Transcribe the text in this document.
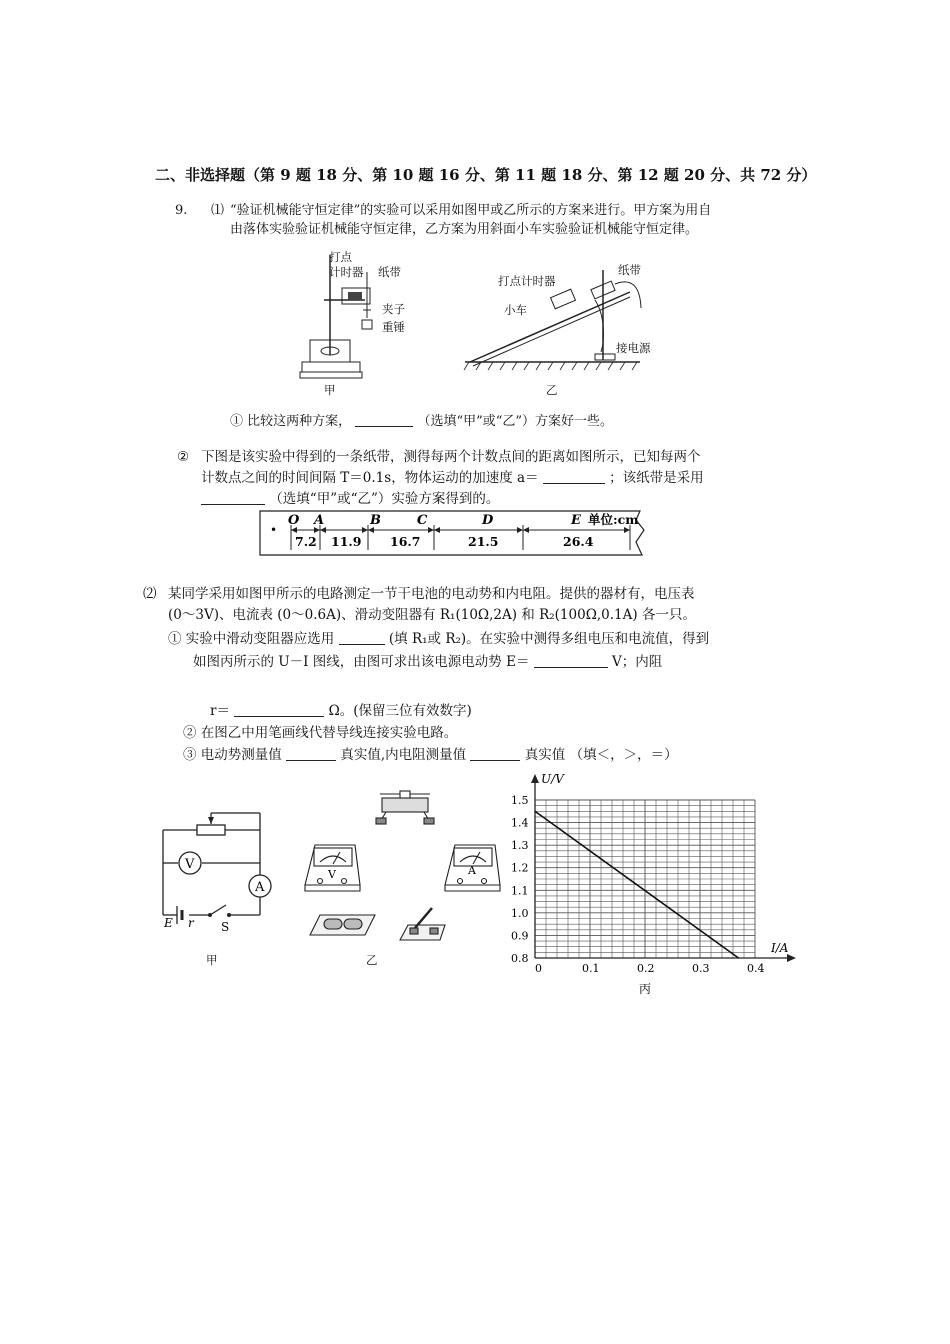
二、非选择题（第 9 题 18 分、第 10 题 16 分、第 11 题 18 分、第 12 题 20 分、共 72 分）
9. ⑴ “验证机械能守恒定律”的实验可以采用如图甲或乙所示的方案来进行。甲方案为用自
由落体实验验证机械能守恒定律，乙方案为用斜面小车实验验证机械能守恒定律。
打点
计时器 纸带
夹子
重锤
甲
打点计时器
纸带
小车
接电源
乙
① 比较这两种方案，	（选填“甲”或“乙”）方案好一些。
② 下图是该实验中得到的一条纸带，测得每两个计数点间的距离如图所示，已知每两个
计数点之间的时间间隔 T＝0.1s，物体运动的加速度 a＝	；该纸带是采用
（选填“甲”或“乙”）实验方案得到的。
•
O A	B	C	D	E 单位:cm
7.2 11.9 16.7	21.5	26.4
⑵ 某同学采用如图甲所示的电路测定一节干电池的电动势和内电阻。提供的器材有，电压表
(0～3V)、电流表 (0～0.6A)、滑动变阻器有 R₁(10Ω,2A) 和 R₂(100Ω,0.1A) 各一只。
① 实验中滑动变阻器应选用	(填 R₁或 R₂)。在实验中测得多组电压和电流值，得到
如图丙所示的 U－I 图线，由图可求出该电源电动势 E＝	V；内阻
r＝	Ω。(保留三位有效数字)
② 在图乙中用笔画线代替导线连接实验电路。
③ 电动势测量值	真实值,内电阻测量值	真实值 （填＜，＞，＝）
V
A
E r S
甲
V	A
乙
0	0.1	0.2	0.3	0.4
0.8
0.9
1.0
1.1
1.2
1.3
1.4
1.5
U/V
I/A
丙
